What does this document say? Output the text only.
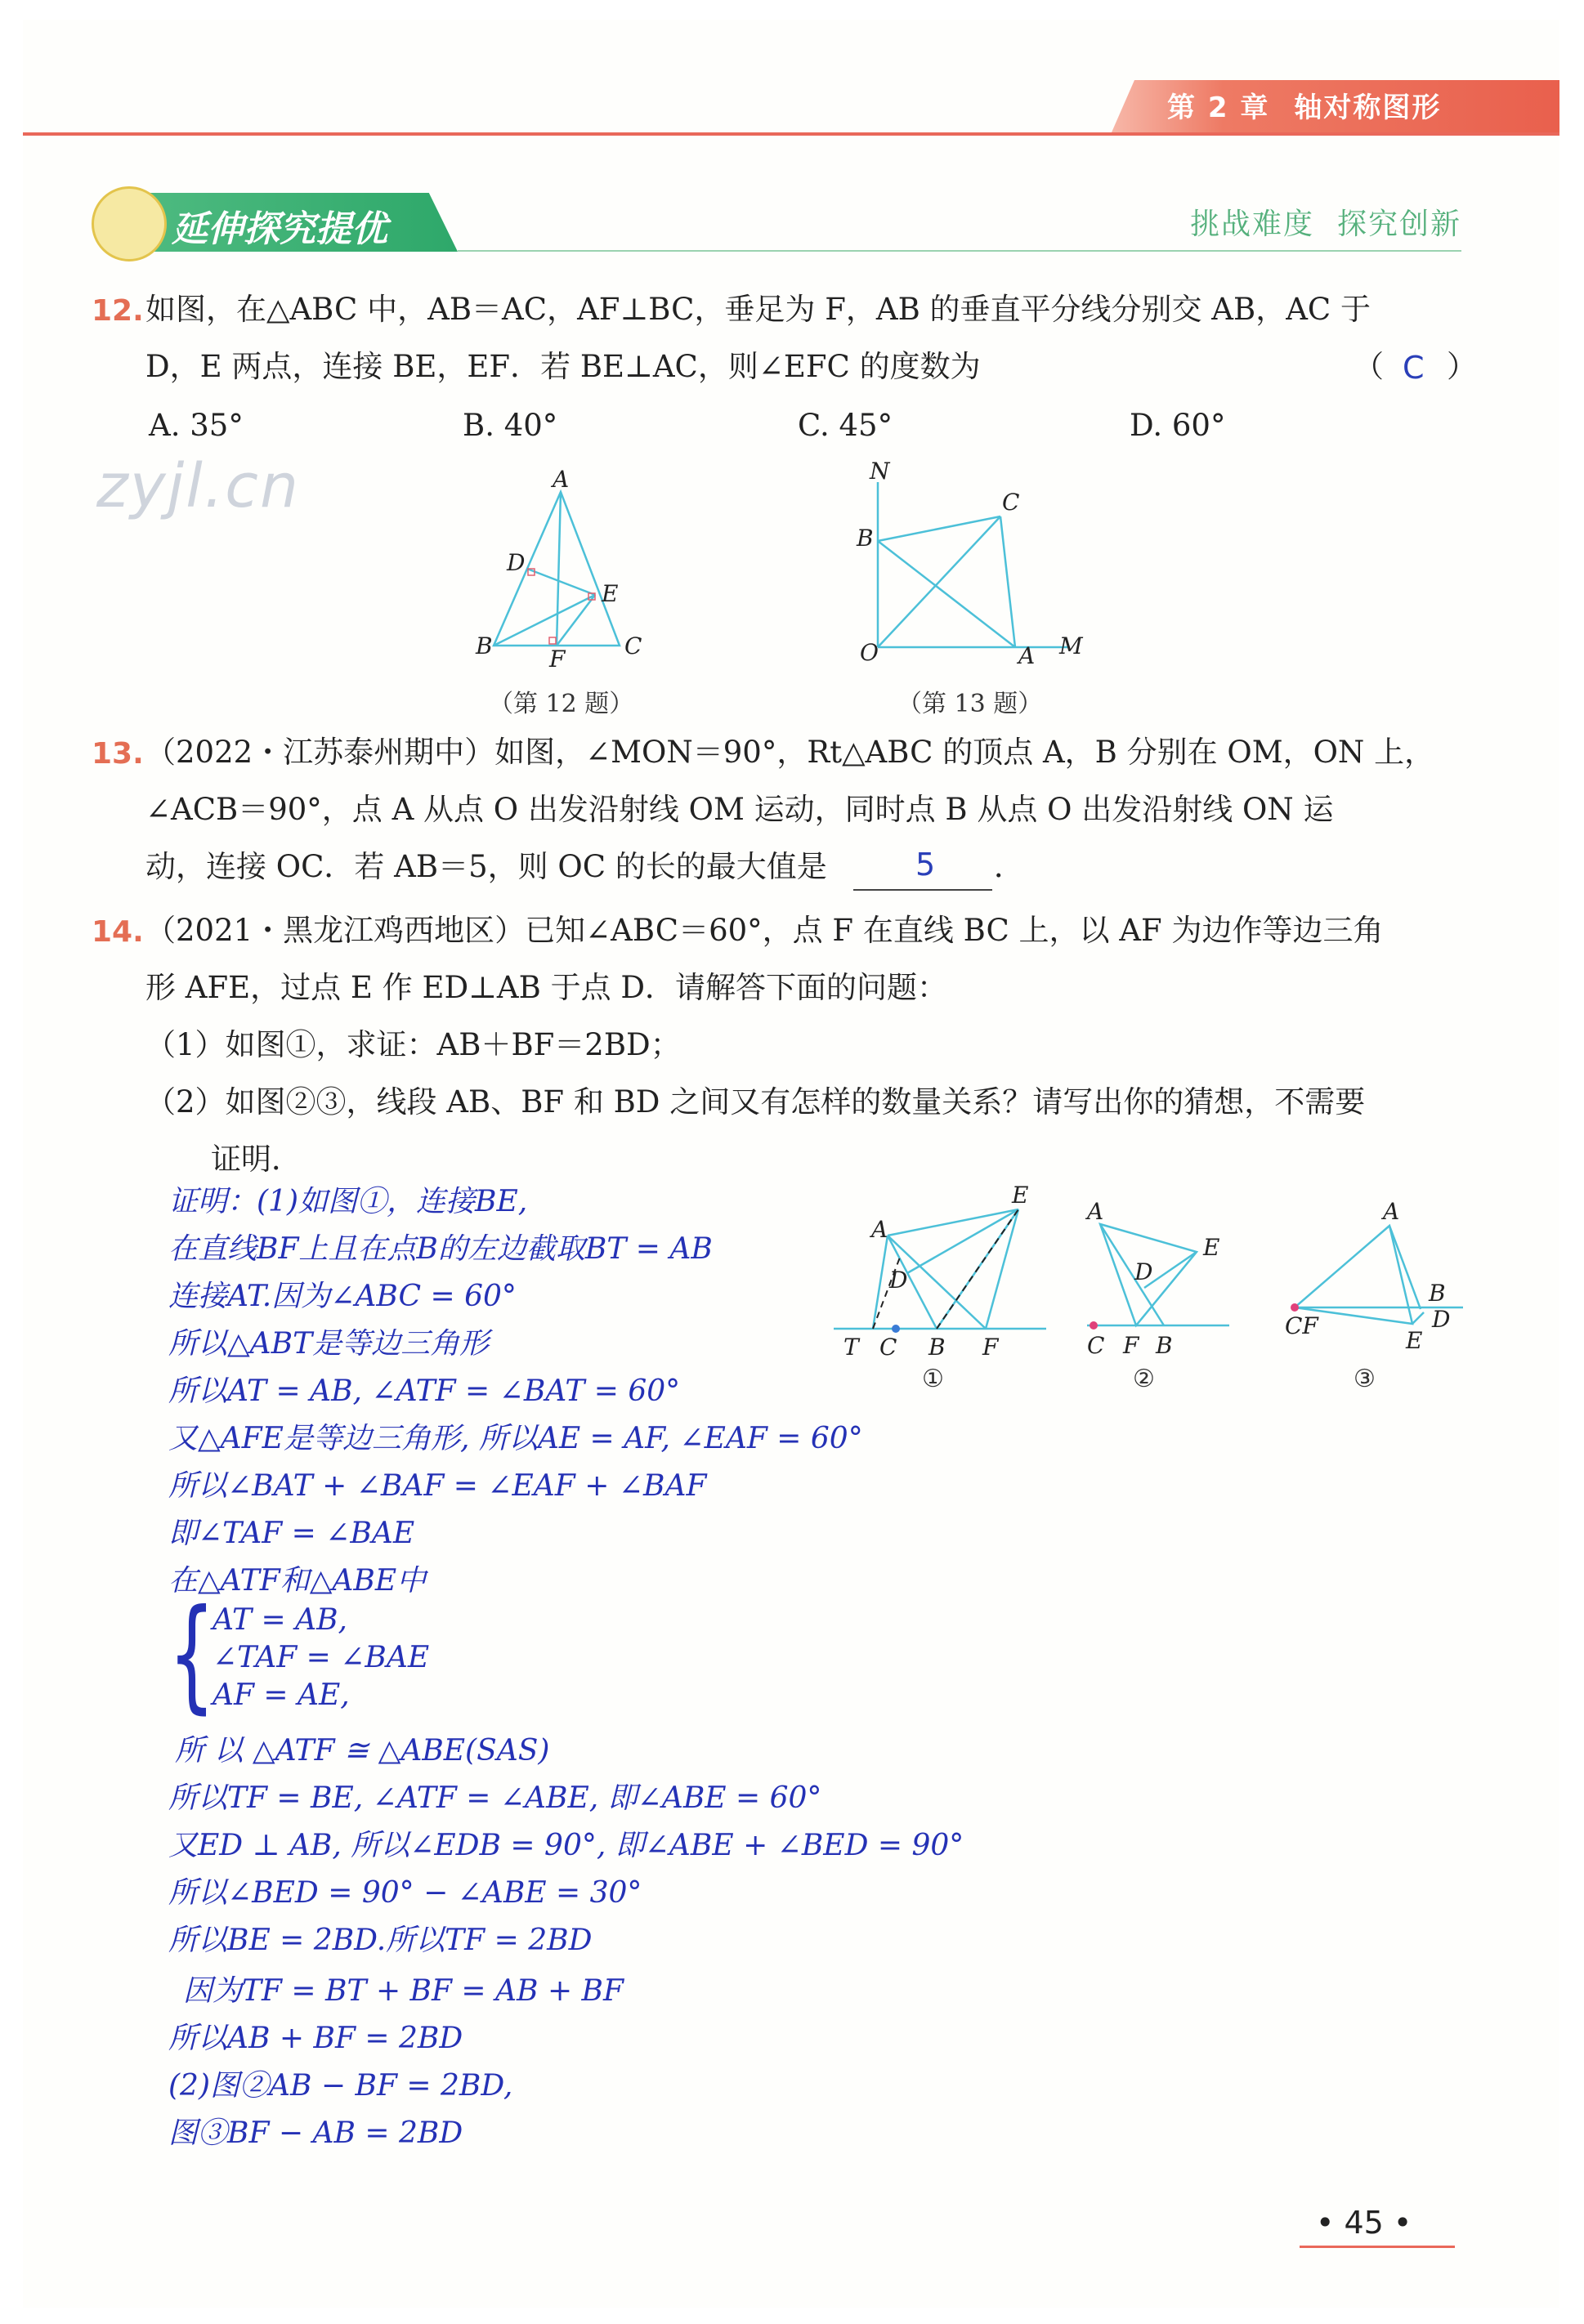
第 2 章 轴对称图形
延伸探究提优	挑战难度 探究创新
zyjl.cn
12. 如图，在△ABC 中，AB＝AC，AF⊥BC，垂足为 F，AB 的垂直平分线分别交 AB，AC 于
D，E 两点，连接 BE，EF．若 BE⊥AC，则∠EFC 的度数为	（ C ）
A. 35°	B. 40°	C. 45°	D. 60°
A
D
E
B F	C
（第 12 题）
N
B
C
O	A M
（第 13 题）
13. （2022・江苏泰州期中）如图，∠MON＝90°，Rt△ABC 的顶点 A，B 分别在 OM，ON 上，
∠ACB＝90°，点 A 从点 O 出发沿射线 OM 运动，同时点 B 从点 O 出发沿射线 ON 运
动，连接 OC．若 AB＝5，则 OC 的长的最大值是	5 ．
14. （2021・黑龙江鸡西地区）已知∠ABC＝60°，点 F 在直线 BC 上，以 AF 为边作等边三角
形 AFE，过点 E 作 ED⊥AB 于点 D．请解答下面的问题：
（1）如图①，求证：AB＋BF＝2BD；
（2）如图②③，线段 AB、BF 和 BD 之间又有怎样的数量关系？请写出你的猜想，不需要
证明．
E
A
D
T C B F
①
A
E
D
C F B
②
A
B
CF	D
E
③
证明：(1)如图①，连接BE,
在直线BF上且在点B的左边截取BT = AB
连接AT.因为∠ABC = 60°
所以△ABT是等边三角形
所以AT = AB, ∠ATF = ∠BAT = 60°
又△AFE是等边三角形, 所以AE = AF, ∠EAF = 60°
所以∠BAT + ∠BAF = ∠EAF + ∠BAF
即∠TAF = ∠BAE
在△ATF和△ABE中
{
AT = AB,
∠TAF = ∠BAE
AF = AE,
所 以 △ATF ≅ △ABE(SAS)
所以TF = BE, ∠ATF = ∠ABE, 即∠ABE = 60°
又ED ⊥ AB, 所以∠EDB = 90°, 即∠ABE + ∠BED = 90°
所以∠BED = 90° − ∠ABE = 30°
所以BE = 2BD.所以TF = 2BD
因为TF = BT + BF = AB + BF
所以AB + BF = 2BD
(2)图②AB − BF = 2BD,
图③BF − AB = 2BD
• 45 •
